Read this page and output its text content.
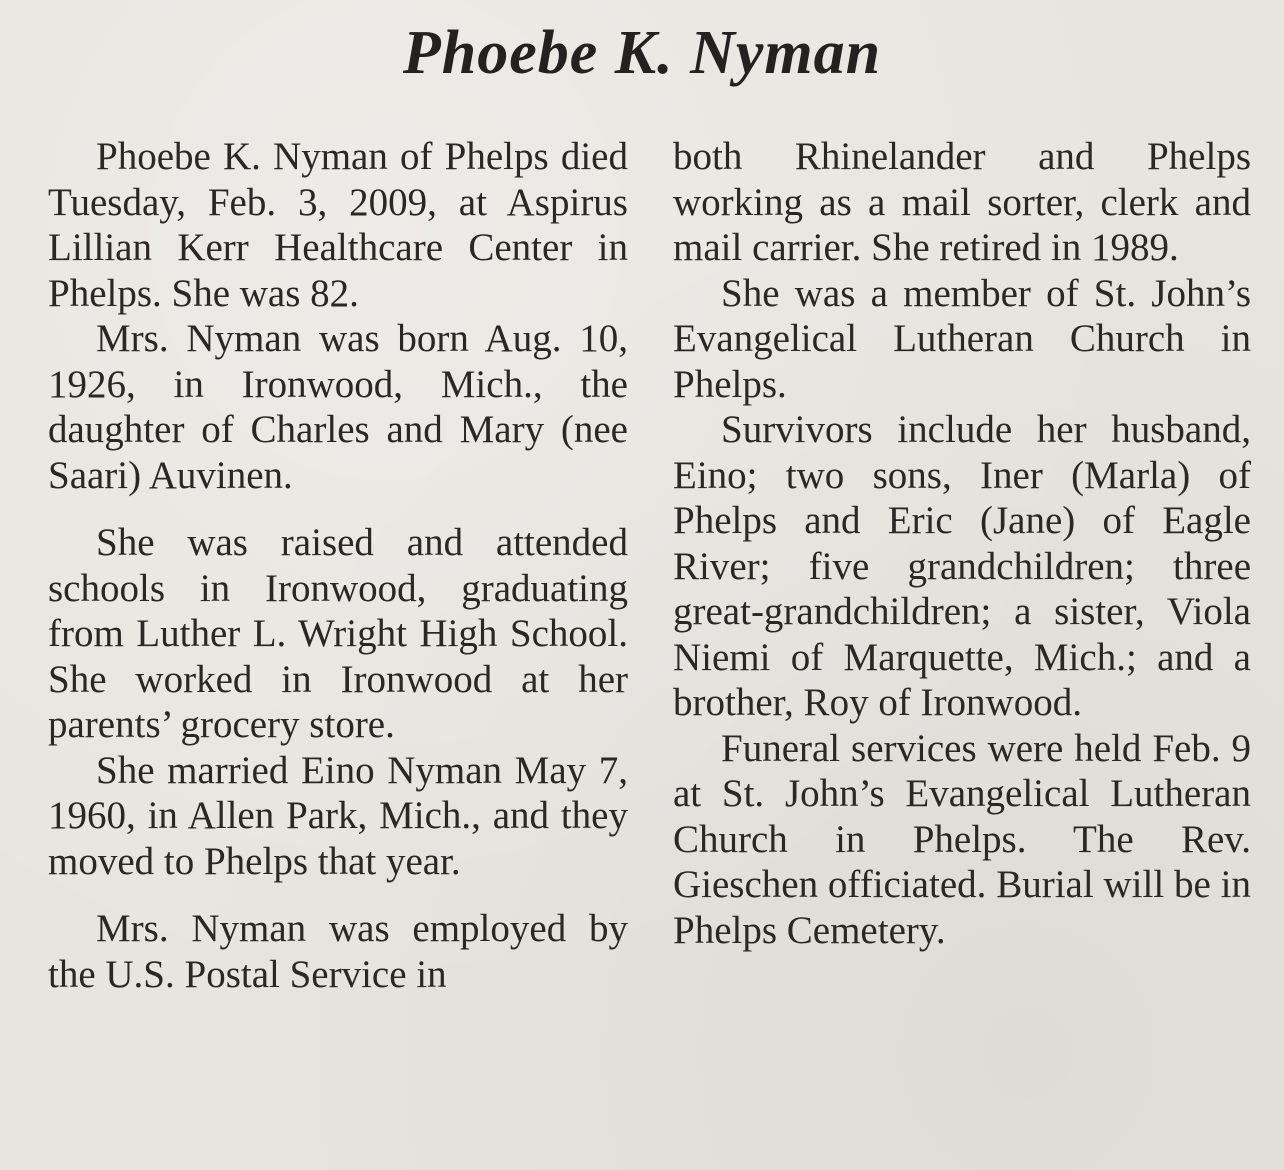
Phoebe K. Nyman

Phoebe K. Nyman of Phelps died Tuesday, Feb. 3, 2009, at Aspirus Lillian Kerr Healthcare Center in Phelps. She was 82.

Mrs. Nyman was born Aug. 10, 1926, in Ironwood, Mich., the daughter of Charles and Mary (nee Saari) Auvinen.

She was raised and attended schools in Ironwood, graduating from Luther L. Wright High School. She worked in Ironwood at her parents’ grocery store.

She married Eino Nyman May 7, 1960, in Allen Park, Mich., and they moved to Phelps that year.

Mrs. Nyman was employed by the U.S. Postal Service in

both Rhinelander and Phelps working as a mail sorter, clerk and mail carrier. She retired in 1989.

She was a member of St. John’s Evangelical Lutheran Church in Phelps.

Survivors include her husband, Eino; two sons, Iner (Marla) of Phelps and Eric (Jane) of Eagle River; five grandchildren; three great-grandchildren; a sister, Viola Niemi of Marquette, Mich.; and a brother, Roy of Ironwood.

Funeral services were held Feb. 9 at St. John’s Evangelical Lutheran Church in Phelps. The Rev. Gieschen officiated. Burial will be in Phelps Cemetery.
